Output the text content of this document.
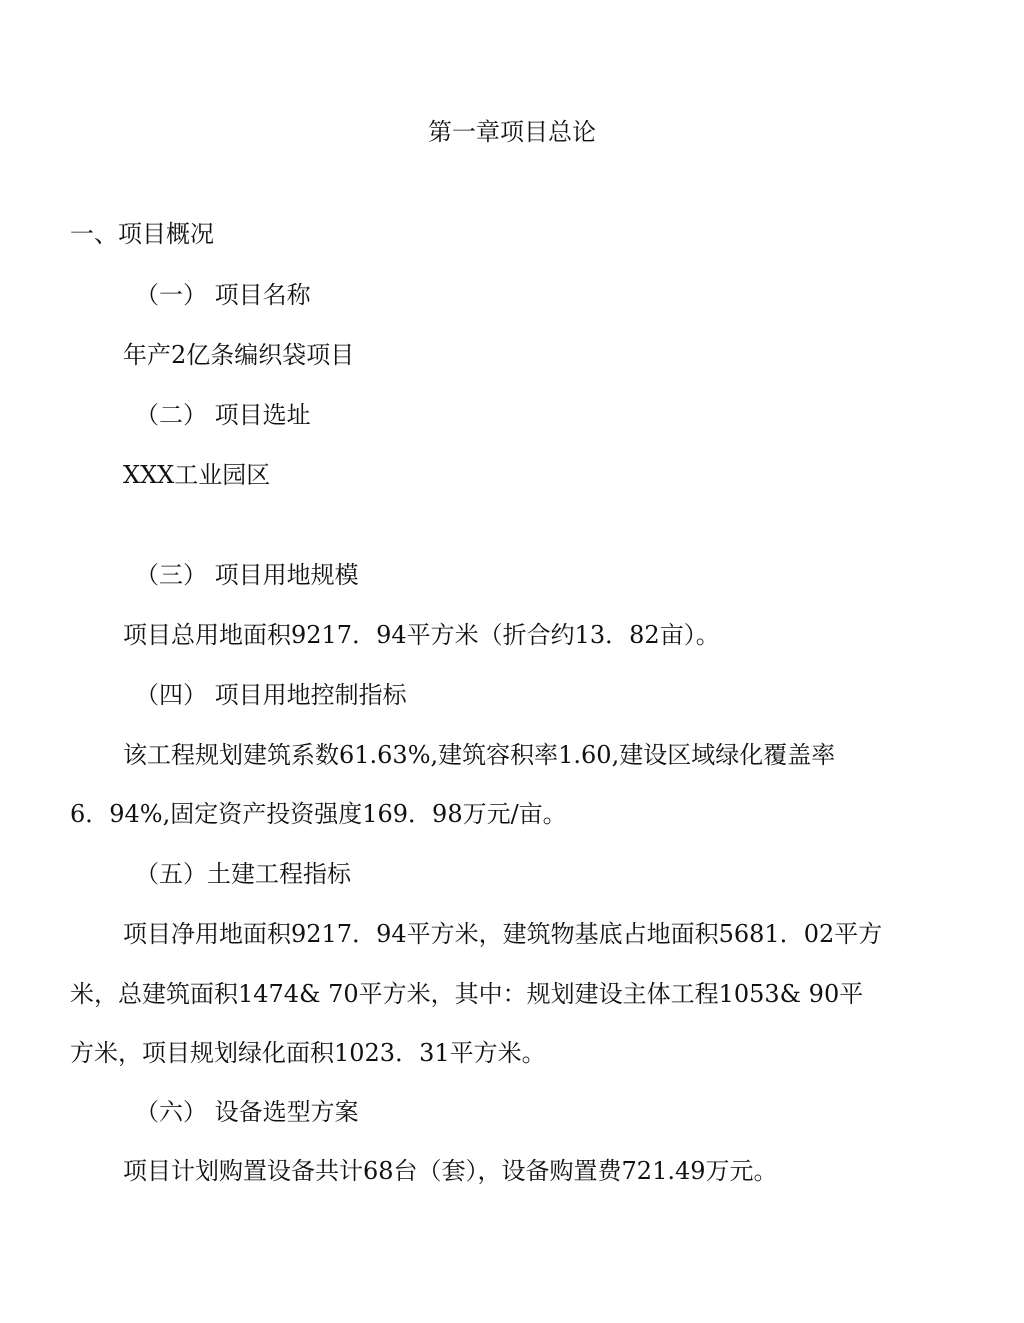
第一章项目总论
一、项目概况
（一） 项目名称
年产2亿条编织袋项目
（二） 项目选址
XXX工业园区
（三） 项目用地规模
项目总用地面积9217．94平方米（折合约13．82亩）。
（四） 项目用地控制指标
该工程规划建筑系数61.63%,建筑容积率1.60,建设区域绿化覆盖率
6．94%,固定资产投资强度169．98万元/亩。
（五）土建工程指标
项目净用地面积9217．94平方米，建筑物基底占地面积5681．02平方
米，总建筑面积1474& 70平方米，其中：规划建设主体工程1053& 90平
方米，项目规划绿化面积1023．31平方米。
（六） 设备选型方案
项目计划购置设备共计68台（套），设备购置费721.49万元。
